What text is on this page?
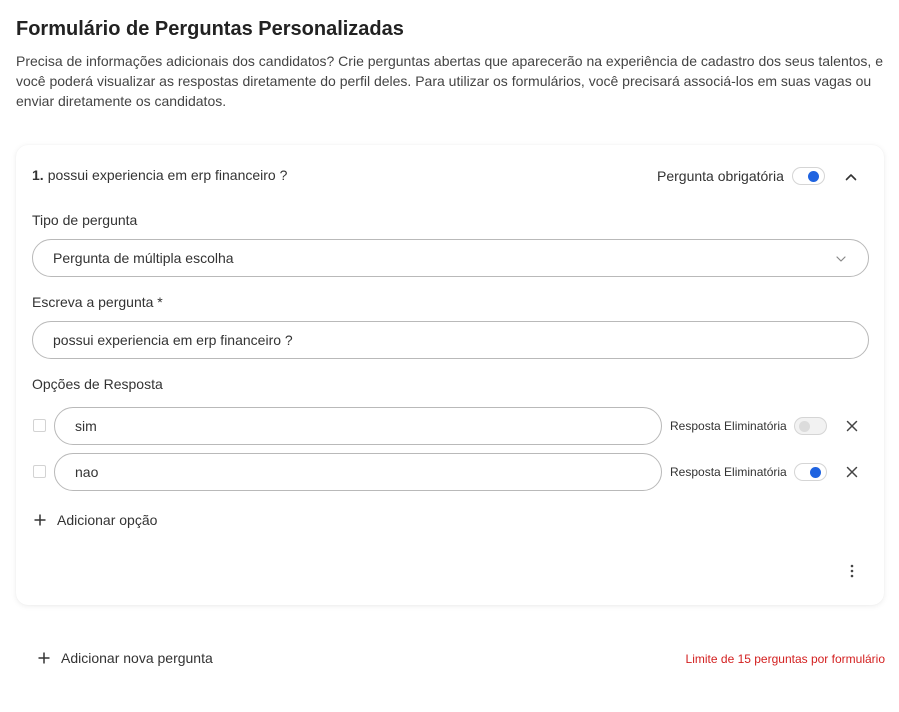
Formulário de Perguntas Personalizadas
Precisa de informações adicionais dos candidatos? Crie perguntas abertas que aparecerão na experiência de cadastro dos seus talentos, e você poderá visualizar as respostas diretamente do perfil deles. Para utilizar os formulários, você precisará associá-los em suas vagas ou enviar diretamente os candidatos.
1. possui experiencia em erp financeiro ?	Pergunta obrigatória
Tipo de pergunta
Pergunta de múltipla escolha
Escreva a pergunta *
possui experiencia em erp financeiro ?
Opções de Resposta
sim	Resposta Eliminatória
nao	Resposta Eliminatória
Adicionar opção
Adicionar nova pergunta	Limite de 15 perguntas por formulário
